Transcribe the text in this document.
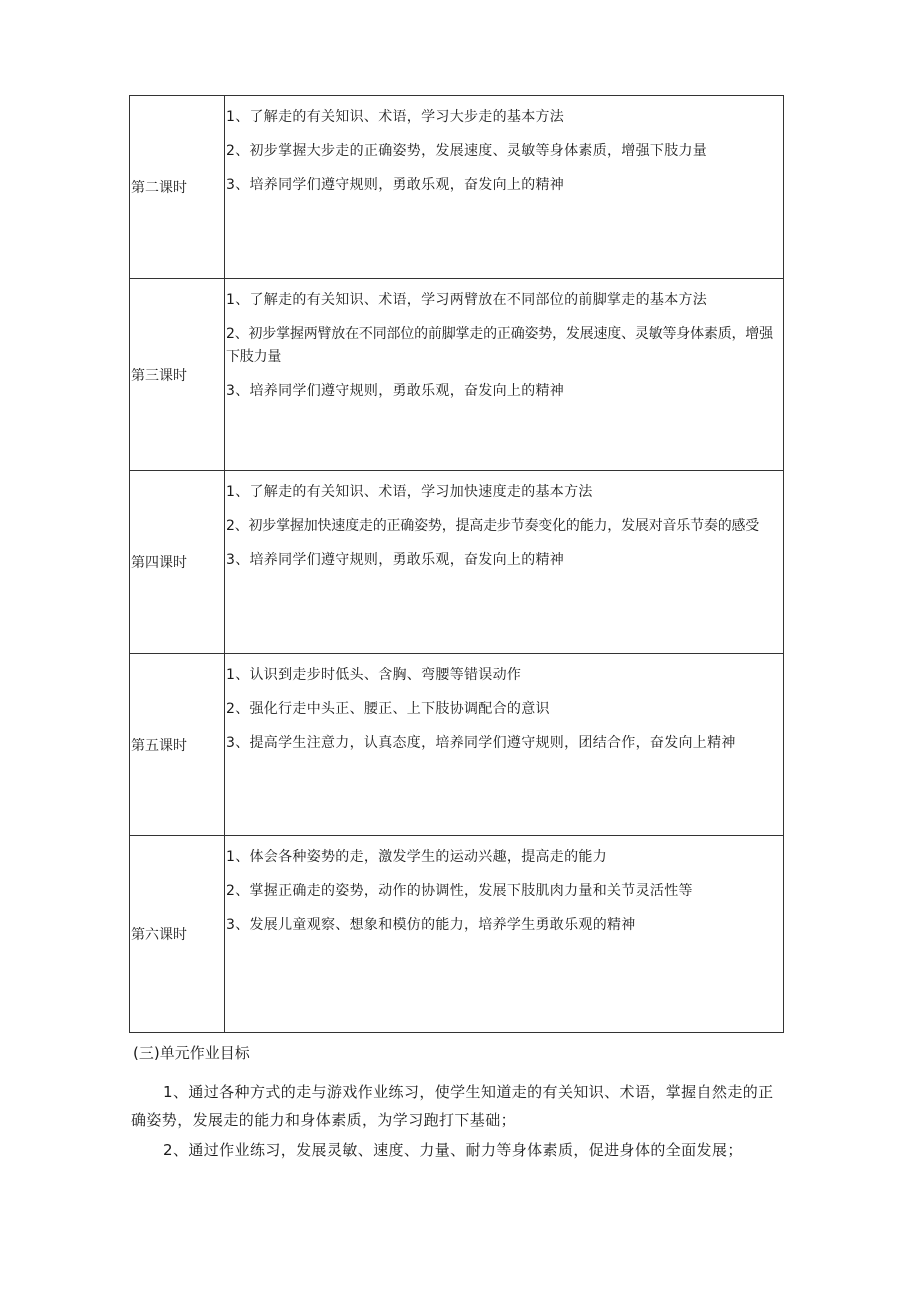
第二课时

1、了解走的有关知识、术语，学习大步走的基本方法

2、初步掌握大步走的正确姿势，发展速度、灵敏等身体素质，增强下肢力量

3、培养同学们遵守规则，勇敢乐观，奋发向上的精神

第三课时

1、了解走的有关知识、术语，学习两臂放在不同部位的前脚掌走的基本方法

2、初步掌握两臂放在不同部位的前脚掌走的正确姿势，发展速度、灵敏等身体素质，增强下肢力量

3、培养同学们遵守规则，勇敢乐观，奋发向上的精神

第四课时

1、了解走的有关知识、术语，学习加快速度走的基本方法

2、初步掌握加快速度走的正确姿势，提高走步节奏变化的能力，发展对音乐节奏的感受

3、培养同学们遵守规则，勇敢乐观，奋发向上的精神

第五课时

1、认识到走步时低头、含胸、弯腰等错误动作

2、强化行走中头正、腰正、上下肢协调配合的意识

3、提高学生注意力，认真态度，培养同学们遵守规则，团结合作，奋发向上精神

第六课时

1、体会各种姿势的走，激发学生的运动兴趣，提高走的能力

2、掌握正确走的姿势，动作的协调性，发展下肢肌肉力量和关节灵活性等

3、发展儿童观察、想象和模仿的能力，培养学生勇敢乐观的精神

(三)单元作业目标

1、通过各种方式的走与游戏作业练习，使学生知道走的有关知识、术语，掌握自然走的正确姿势，发展走的能力和身体素质，为学习跑打下基础；

2、通过作业练习，发展灵敏、速度、力量、耐力等身体素质，促进身体的全面发展；
